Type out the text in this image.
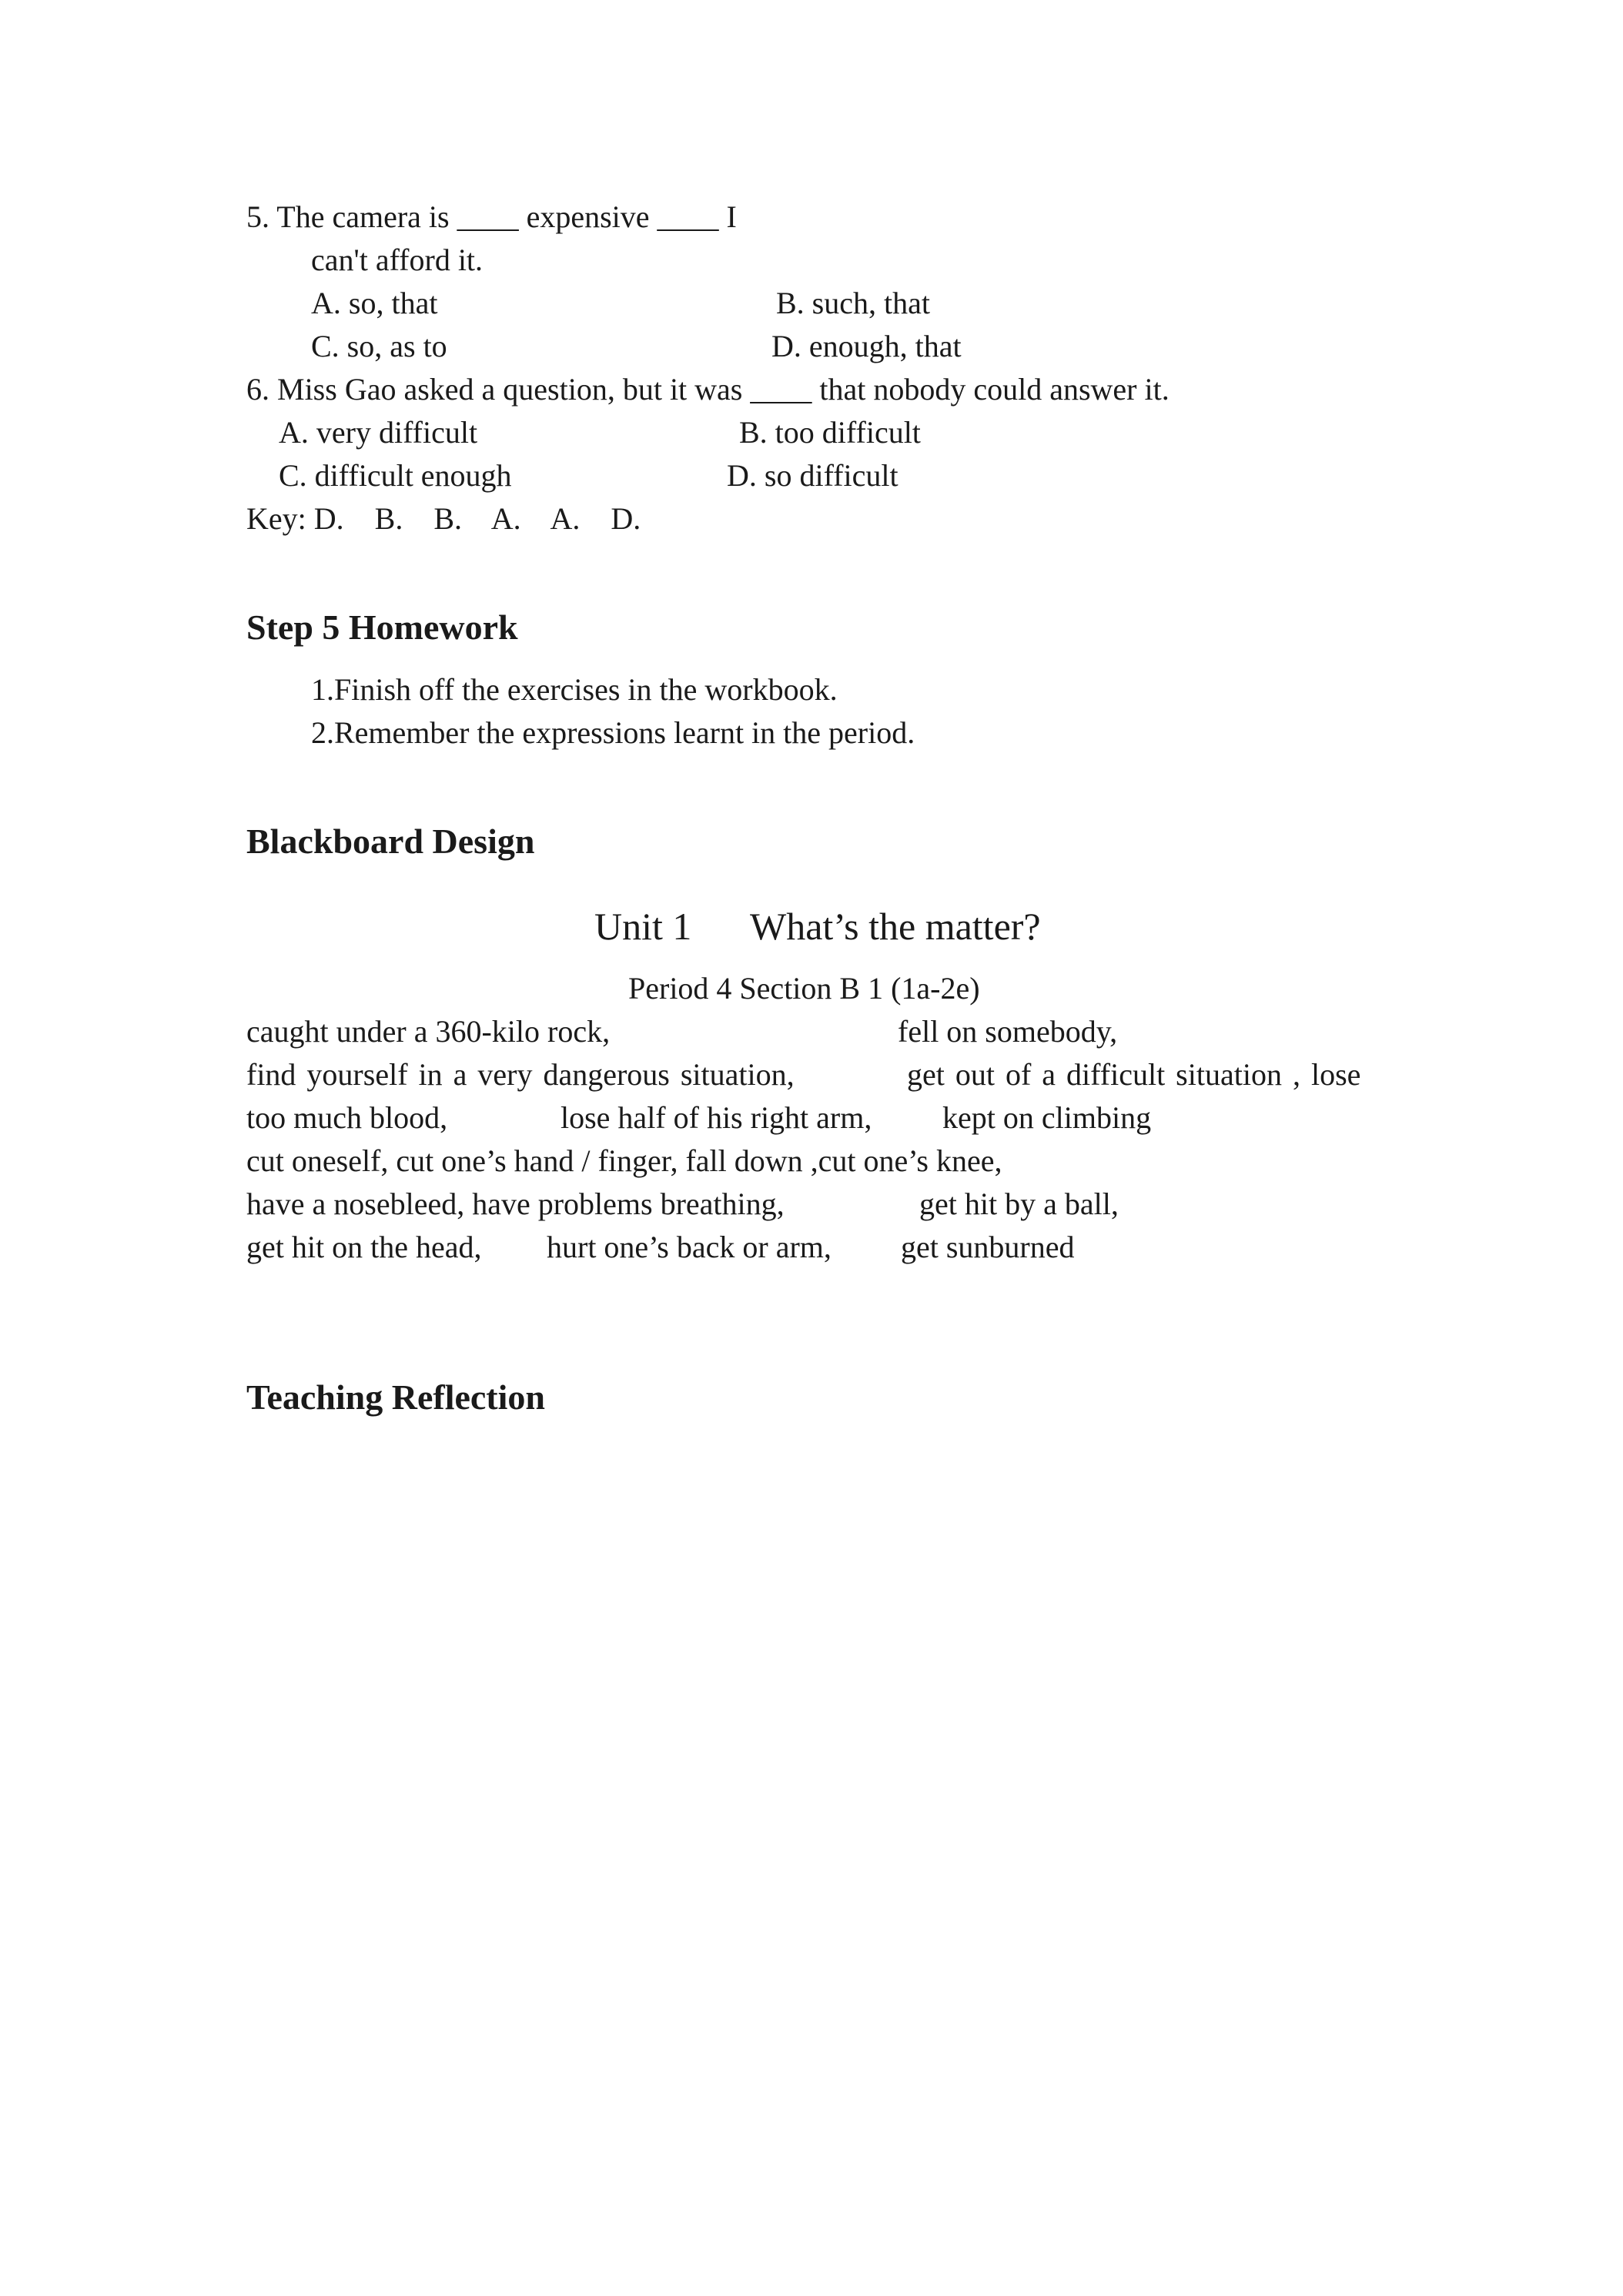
5. The camera is ____ expensive ____ I
can't afford it.
A. so, that	B. such, that
C. so, as to	D. enough, that
6. Miss Gao asked a question, but it was ____ that nobody could answer it.
A. very difficult	B. too difficult
C. difficult enough	D. so difficult
Key: D.    B.    B.    A.    A.    D.
Step 5 Homework
1.Finish off the exercises in the workbook.
2.Remember the expressions learnt in the period.
Blackboard Design
Unit 1 What’s the matter?
Period 4 Section B 1 (1a-2e)
caught under a 360-kilo rock,	fell on somebody,
find yourself in a very dangerous situation,	get out of a difficult situation , lose
too much blood,	lose half of his right arm, kept on climbing
cut oneself, cut one’s hand / finger, fall down ,cut one’s knee,
have a nosebleed, have problems breathing,	get hit by a ball,
get hit on the head, hurt one’s back or arm, get sunburned
Teaching Reflection
